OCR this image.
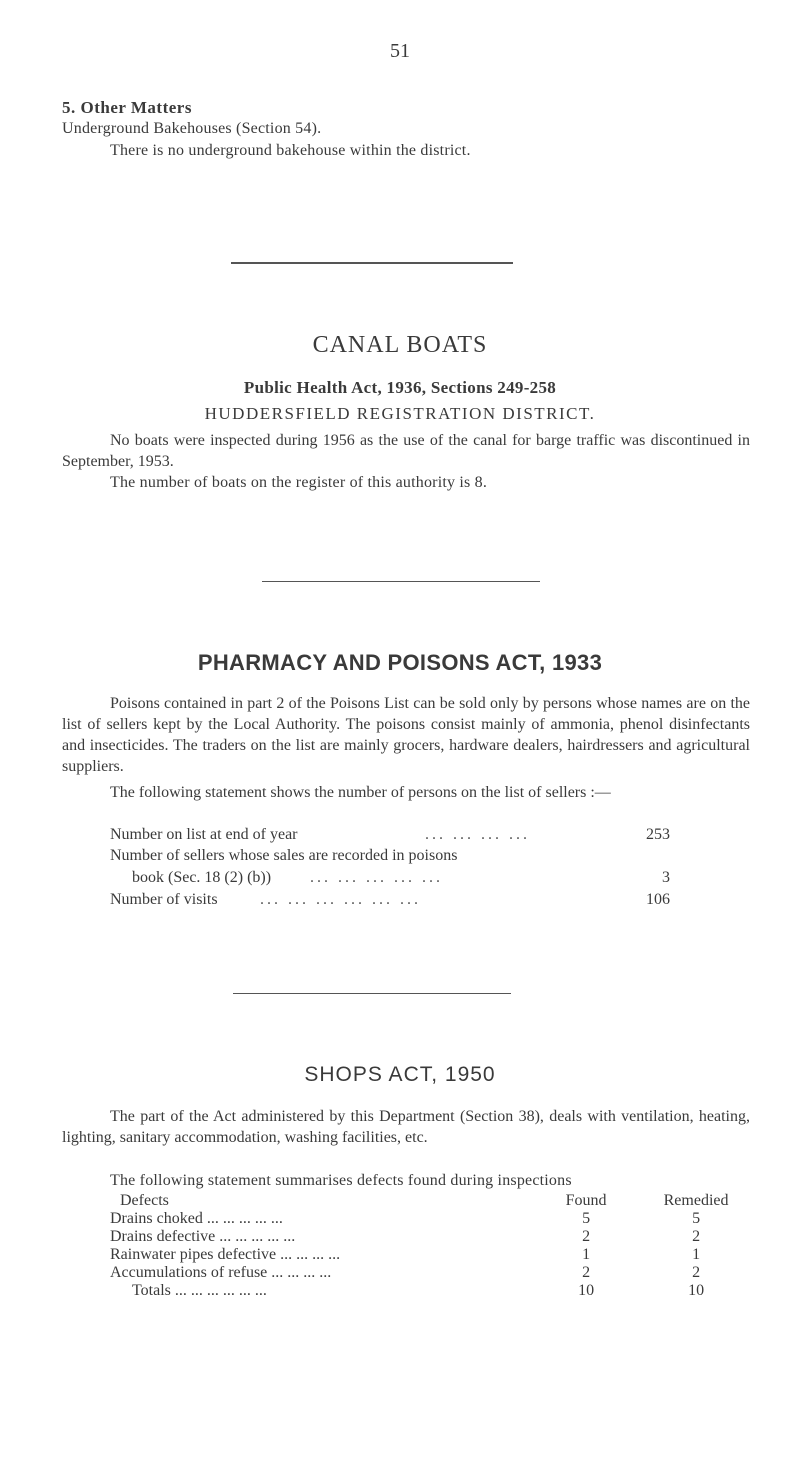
51
5. Other Matters
Underground Bakehouses (Section 54).
There is no underground bakehouse within the district.
CANAL BOATS
Public Health Act, 1936, Sections 249-258
HUDDERSFIELD REGISTRATION DISTRICT.
No boats were inspected during 1956 as the use of the canal for barge traffic was discontinued in September, 1953.
The number of boats on the register of this authority is 8.
PHARMACY AND POISONS ACT, 1933
Poisons contained in part 2 of the Poisons List can be sold only by persons whose names are on the list of sellers kept by the Local Authority. The poisons consist mainly of ammonia, phenol disinfectants and insecticides. The traders on the list are mainly grocers, hardware dealers, hairdressers and agricultural suppliers.
The following statement shows the number of persons on the list of sellers :—
Number on list at end of year	... ... ... ...	253
Number of sellers whose sales are recorded in poisons
book (Sec. 18 (2) (b)) ... ... ... ... ...	3
Number of visits	... ... ... ... ... ...	106
SHOPS ACT, 1950
The part of the Act administered by this Department (Section 38), deals with ventilation, heating, lighting, sanitary accommodation, washing facilities, etc.
The following statement summarises defects found during inspections
Defects	Found	Remedied
Drains choked ... ... ... ... ...	5	5
Drains defective ... ... ... ... ...	2	2
Rainwater pipes defective ... ... ... ...	1	1
Accumulations of refuse ... ... ... ...	2	2
Totals ... ... ... ... ... ...	10	10
